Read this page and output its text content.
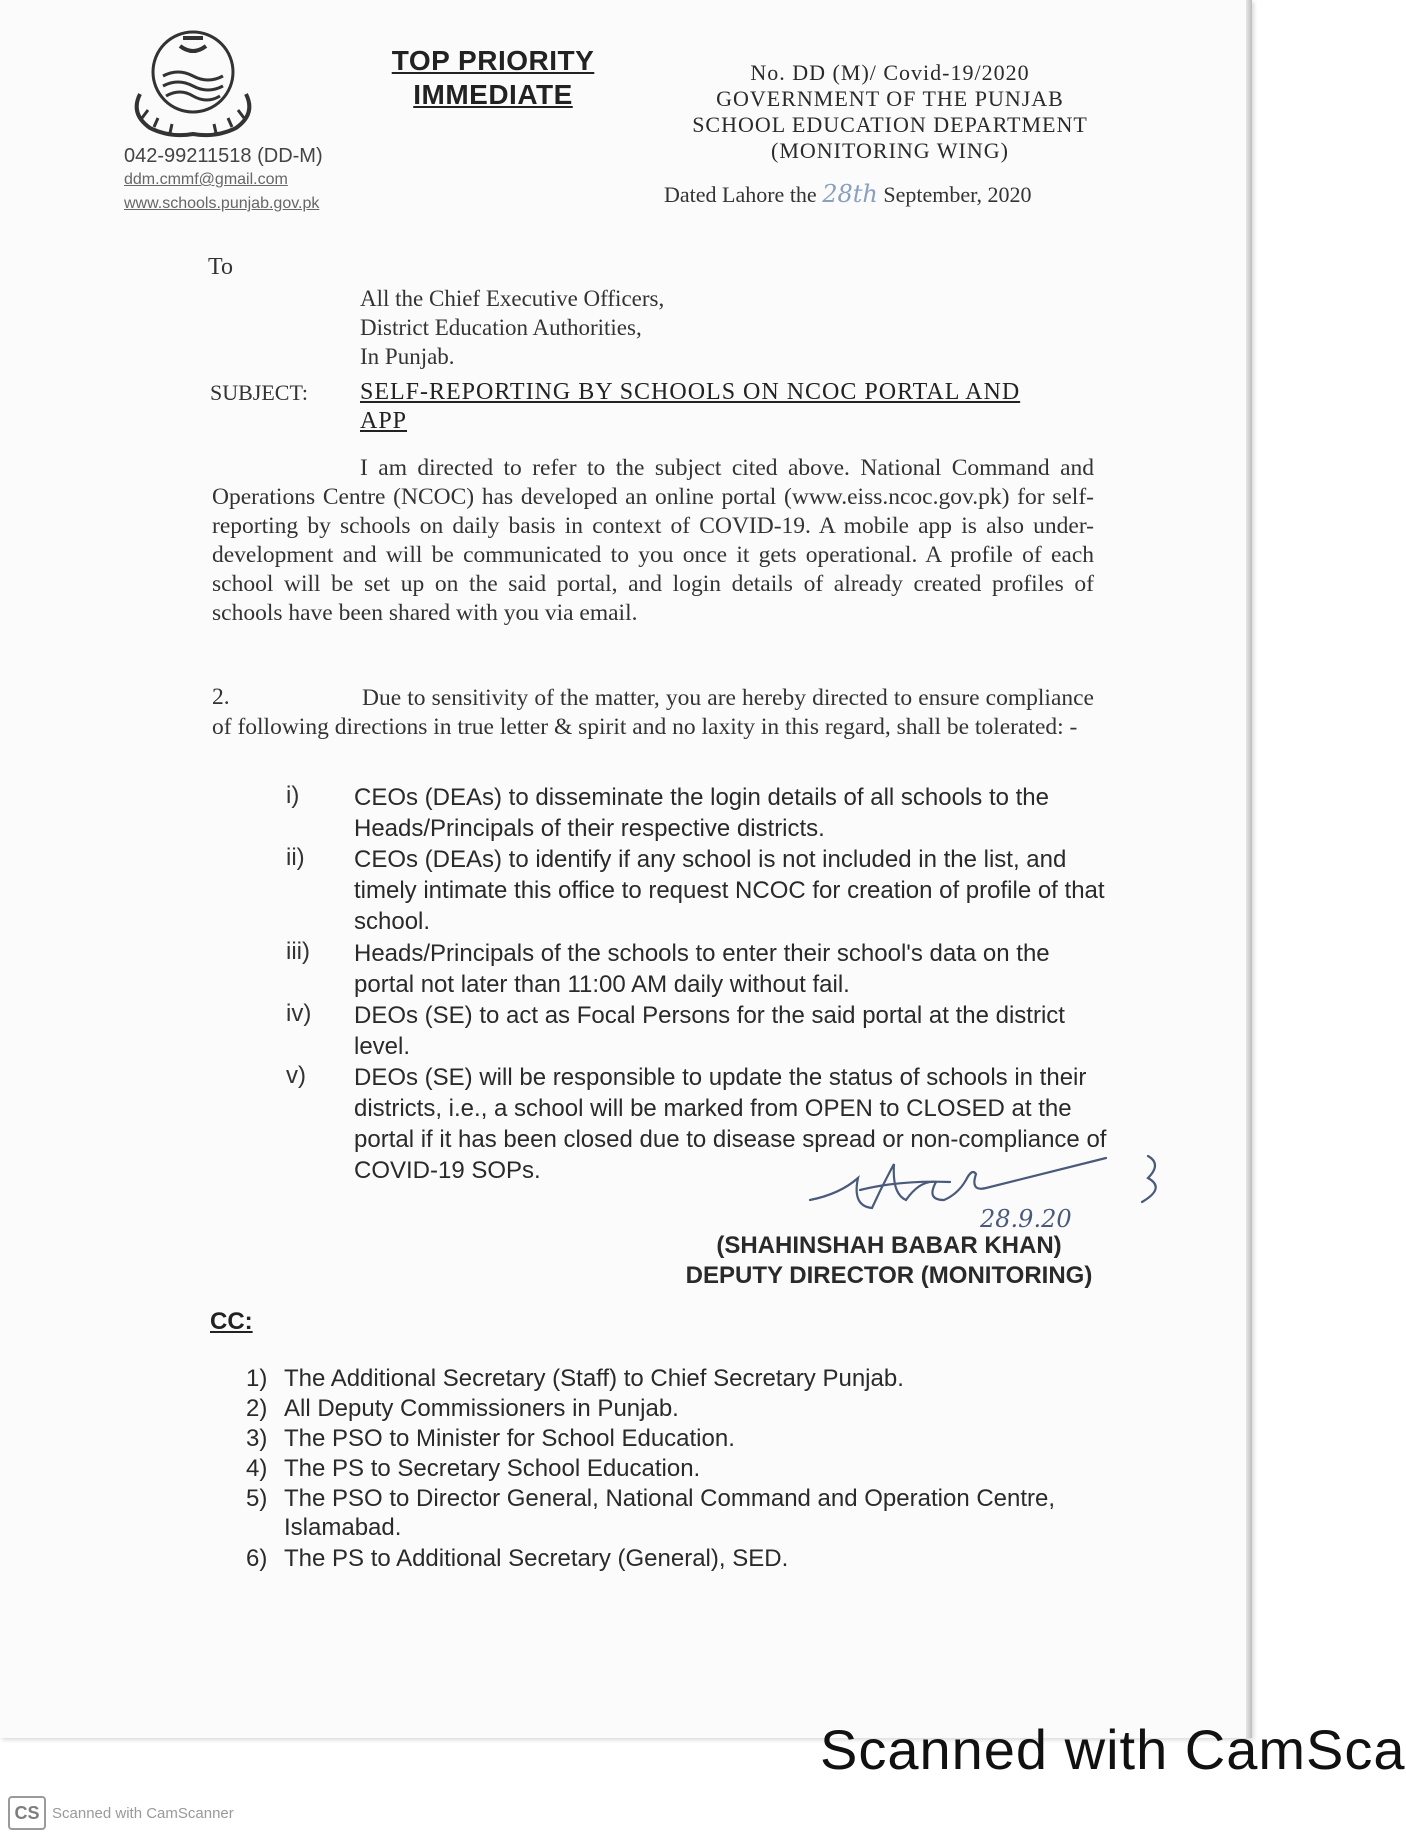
042-99211518 (DD-M)
ddm.cmmf@gmail.com
www.schools.punjab.gov.pk
TOP PRIORITY
IMMEDIATE
No. DD (M)/ Covid-19/2020
GOVERNMENT OF THE PUNJAB
SCHOOL EDUCATION DEPARTMENT
(MONITORING WING)
Dated Lahore the 28th September, 2020
To
All the Chief Executive Officers,
District Education Authorities,
In Punjab.
SUBJECT: SELF-REPORTING BY SCHOOLS ON NCOC PORTAL AND
APP
I am directed to refer to the subject cited above. National Command and Operations Centre (NCOC) has developed an online portal (www.eiss.ncoc.gov.pk) for self-reporting by schools on daily basis in context of COVID-19. A mobile app is also under-development and will be communicated to you once it gets operational. A profile of each school will be set up on the said portal, and login details of already created profiles of schools have been shared with you via email.
2.	Due to sensitivity of the matter, you are hereby directed to ensure compliance of following directions in true letter & spirit and no laxity in this regard, shall be tolerated: -
i) CEOs (DEAs) to disseminate the login details of all schools to the Heads/Principals of their respective districts.
ii) CEOs (DEAs) to identify if any school is not included in the list, and timely intimate this office to request NCOC for creation of profile of that school.
iii) Heads/Principals of the schools to enter their school's data on the portal not later than 11:00 AM daily without fail.
iv) DEOs (SE) to act as Focal Persons for the said portal at the district level.
v) DEOs (SE) will be responsible to update the status of schools in their districts, i.e., a school will be marked from OPEN to CLOSED at the portal if it has been closed due to disease spread or non-compliance of COVID-19 SOPs.
28.9.20
(SHAHINSHAH BABAR KHAN)
DEPUTY DIRECTOR (MONITORING)
CC:
1) The Additional Secretary (Staff) to Chief Secretary Punjab.
2) All Deputy Commissioners in Punjab.
3) The PSO to Minister for School Education.
4) The PS to Secretary School Education.
5) The PSO to Director General, National Command and Operation Centre, Islamabad.
6) The PS to Additional Secretary (General), SED.
Scanned with CamSca
CS Scanned with CamScanner
